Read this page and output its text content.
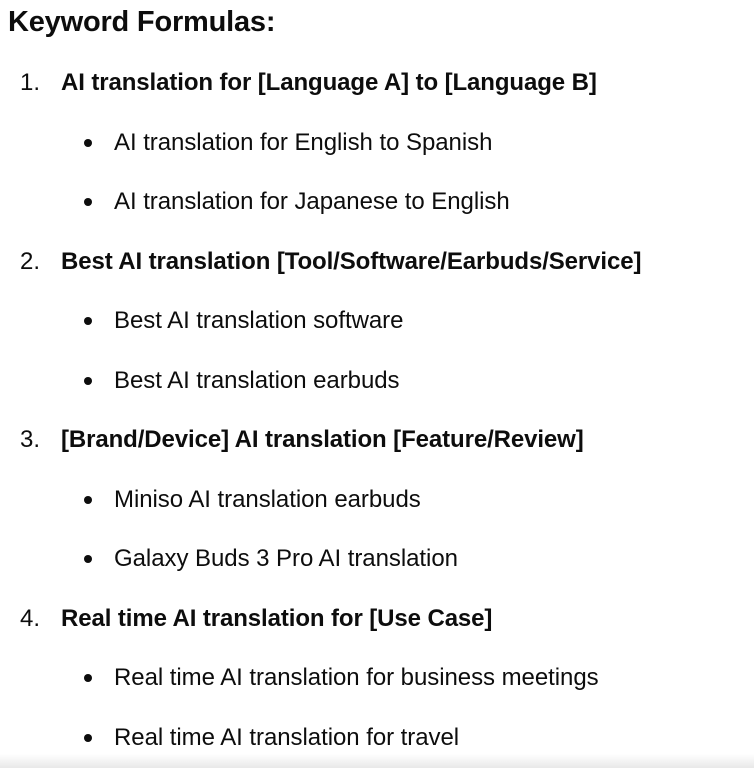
Keyword Formulas:
1. AI translation for [Language A] to [Language B]
AI translation for English to Spanish
AI translation for Japanese to English
2. Best AI translation [Tool/Software/Earbuds/Service]
Best AI translation software
Best AI translation earbuds
3. [Brand/Device] AI translation [Feature/Review]
Miniso AI translation earbuds
Galaxy Buds 3 Pro AI translation
4. Real time AI translation for [Use Case]
Real time AI translation for business meetings
Real time AI translation for travel
